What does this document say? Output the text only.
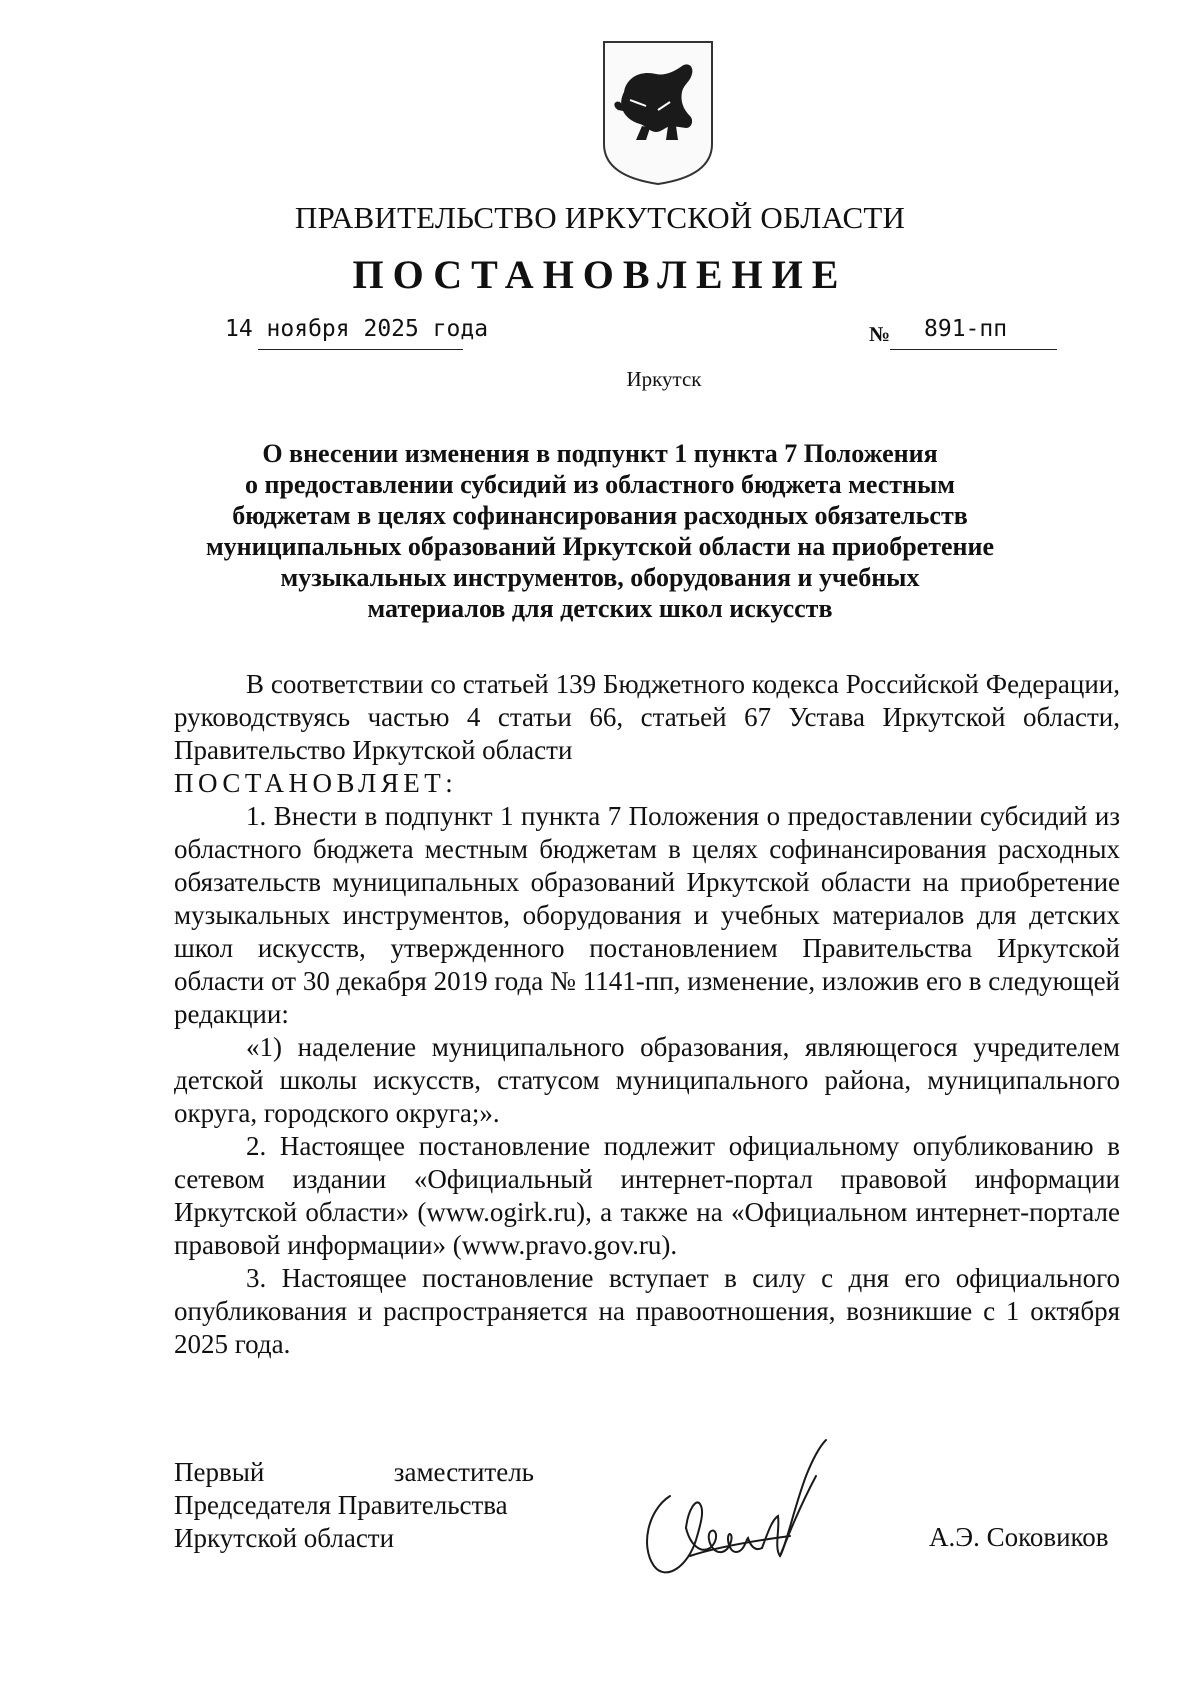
ПРАВИТЕЛЬСТВО ИРКУТСКОЙ ОБЛАСТИ
ПОСТАНОВЛЕНИЕ
14 ноября 2025 года	№ 891-пп
Иркутск
О внесении изменения в подпункт 1 пункта 7 Положения
о предоставлении субсидий из областного бюджета местным
бюджетам в целях софинансирования расходных обязательств
муниципальных образований Иркутской области на приобретение
музыкальных инструментов, оборудования и учебных
материалов для детских школ искусств

В соответствии со статьей 139 Бюджетного кодекса Российской Федерации, руководствуясь частью 4 статьи 66, статьей 67 Устава Иркутской области, Правительство Иркутской области

ПОСТАНОВЛЯЕТ:

1. Внести в подпункт 1 пункта 7 Положения о предоставлении субсидий из областного бюджета местным бюджетам в целях софинансирования расходных обязательств муниципальных образований Иркутской области на приобретение музыкальных инструментов, оборудования и учебных материалов для детских школ искусств, утвержденного постановлением Правительства Иркутской области от 30 декабря 2019 года № 1141-пп, изменение, изложив его в следующей редакции:

«1) наделение муниципального образования, являющегося учредителем детской школы искусств, статусом муниципального района, муниципального округа, городского округа;».

2. Настоящее постановление подлежит официальному опубликованию в сетевом издании «Официальный интернет-портал правовой информации Иркутской области» (www.ogirk.ru), а также на «Официальном интернет-портале правовой информации» (www.pravo.gov.ru).

3. Настоящее постановление вступает в силу с дня его официального опубликования и распространяется на правоотношения, возникшие с 1 октября 2025 года.

Первый	заместитель
Председателя Правительства
Иркутской области	А.Э. Соковиков
